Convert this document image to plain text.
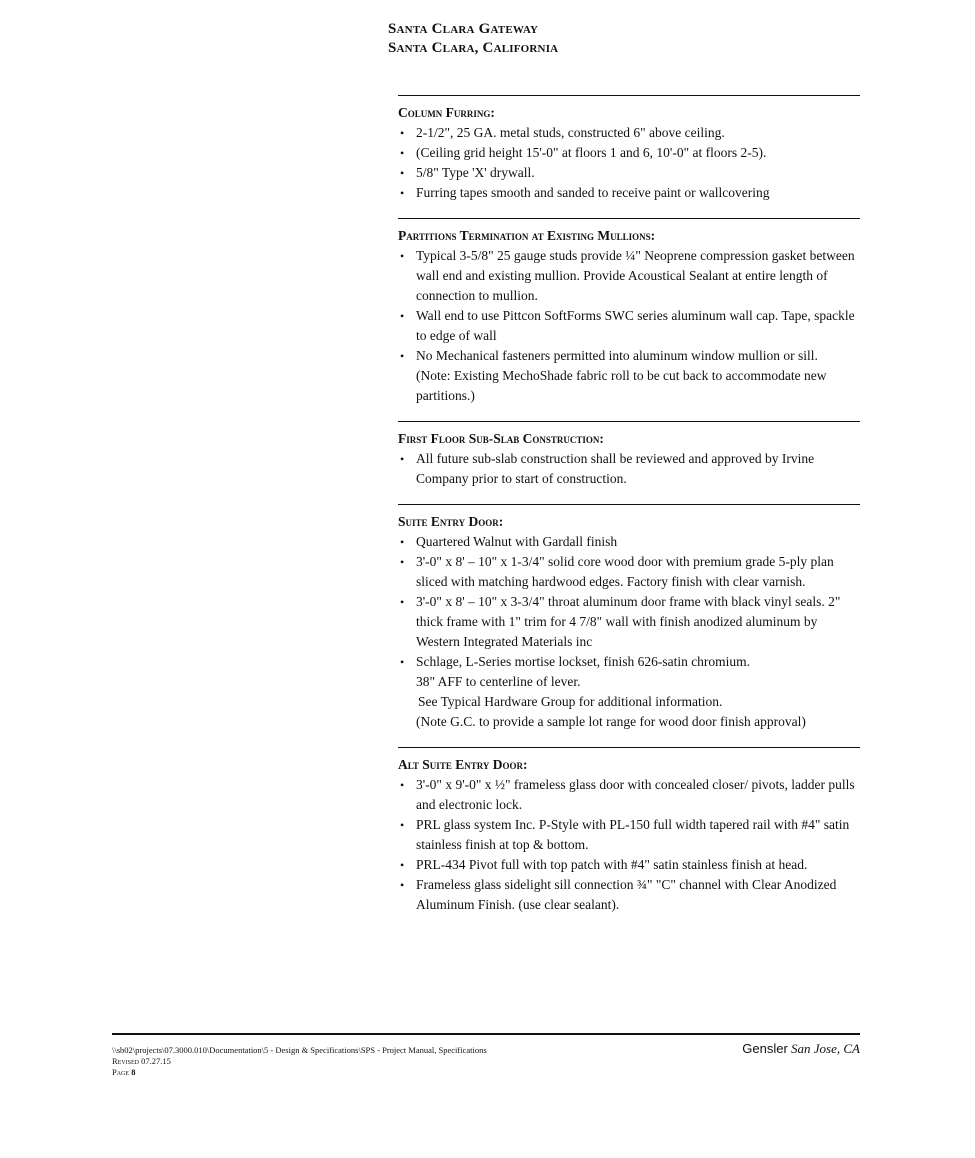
Santa Clara Gateway
Santa Clara, California
Column Furring:
• 2-1/2", 25 GA. metal studs, constructed 6" above ceiling.
• (Ceiling grid height 15'-0" at floors 1 and 6, 10'-0" at floors 2-5).
• 5/8" Type 'X' drywall.
• Furring tapes smooth and sanded to receive paint or wallcovering
Partitions Termination at Existing Mullions:
• Typical 3-5/8" 25 gauge studs provide ¼" Neoprene compression gasket between wall end and existing mullion. Provide Acoustical Sealant at entire length of connection to mullion.
• Wall end to use Pittcon SoftForms SWC series aluminum wall cap. Tape, spackle to edge of wall
• No Mechanical fasteners permitted into aluminum window mullion or sill.
(Note: Existing MechoShade fabric roll to be cut back to accommodate new partitions.)
First Floor Sub-Slab Construction:
• All future sub-slab construction shall be reviewed and approved by Irvine Company prior to start of construction.
Suite Entry Door:
• Quartered Walnut with Gardall finish
• 3'-0" x 8' – 10" x 1-3/4" solid core wood door with premium grade 5-ply plan sliced with matching hardwood edges. Factory finish with clear varnish.
• 3'-0" x 8' – 10" x 3-3/4" throat aluminum door frame with black vinyl seals. 2" thick frame with 1" trim for 4 7/8" wall with finish anodized aluminum by Western Integrated Materials inc
• Schlage, L-Series mortise lockset, finish 626-satin chromium.
38" AFF to centerline of lever.
See Typical Hardware Group for additional information.
(Note G.C. to provide a sample lot range for wood door finish approval)
Alt Suite Entry Door:
• 3'-0" x 9'-0" x ½" frameless glass door with concealed closer/ pivots, ladder pulls and electronic lock.
• PRL glass system Inc. P-Style with PL-150 full width tapered rail with #4" satin stainless finish at top & bottom.
• PRL-434 Pivot full with top patch with #4" satin stainless finish at head.
• Frameless glass sidelight sill connection ¾" "C" channel with Clear Anodized Aluminum Finish. (use clear sealant).
\\sb02\projects\07.3000.010\Documentation\5 - Design & Specifications\SPS - Project Manual, Specifications
Revised 07.27.15
Page 8
Gensler San Jose, CA
